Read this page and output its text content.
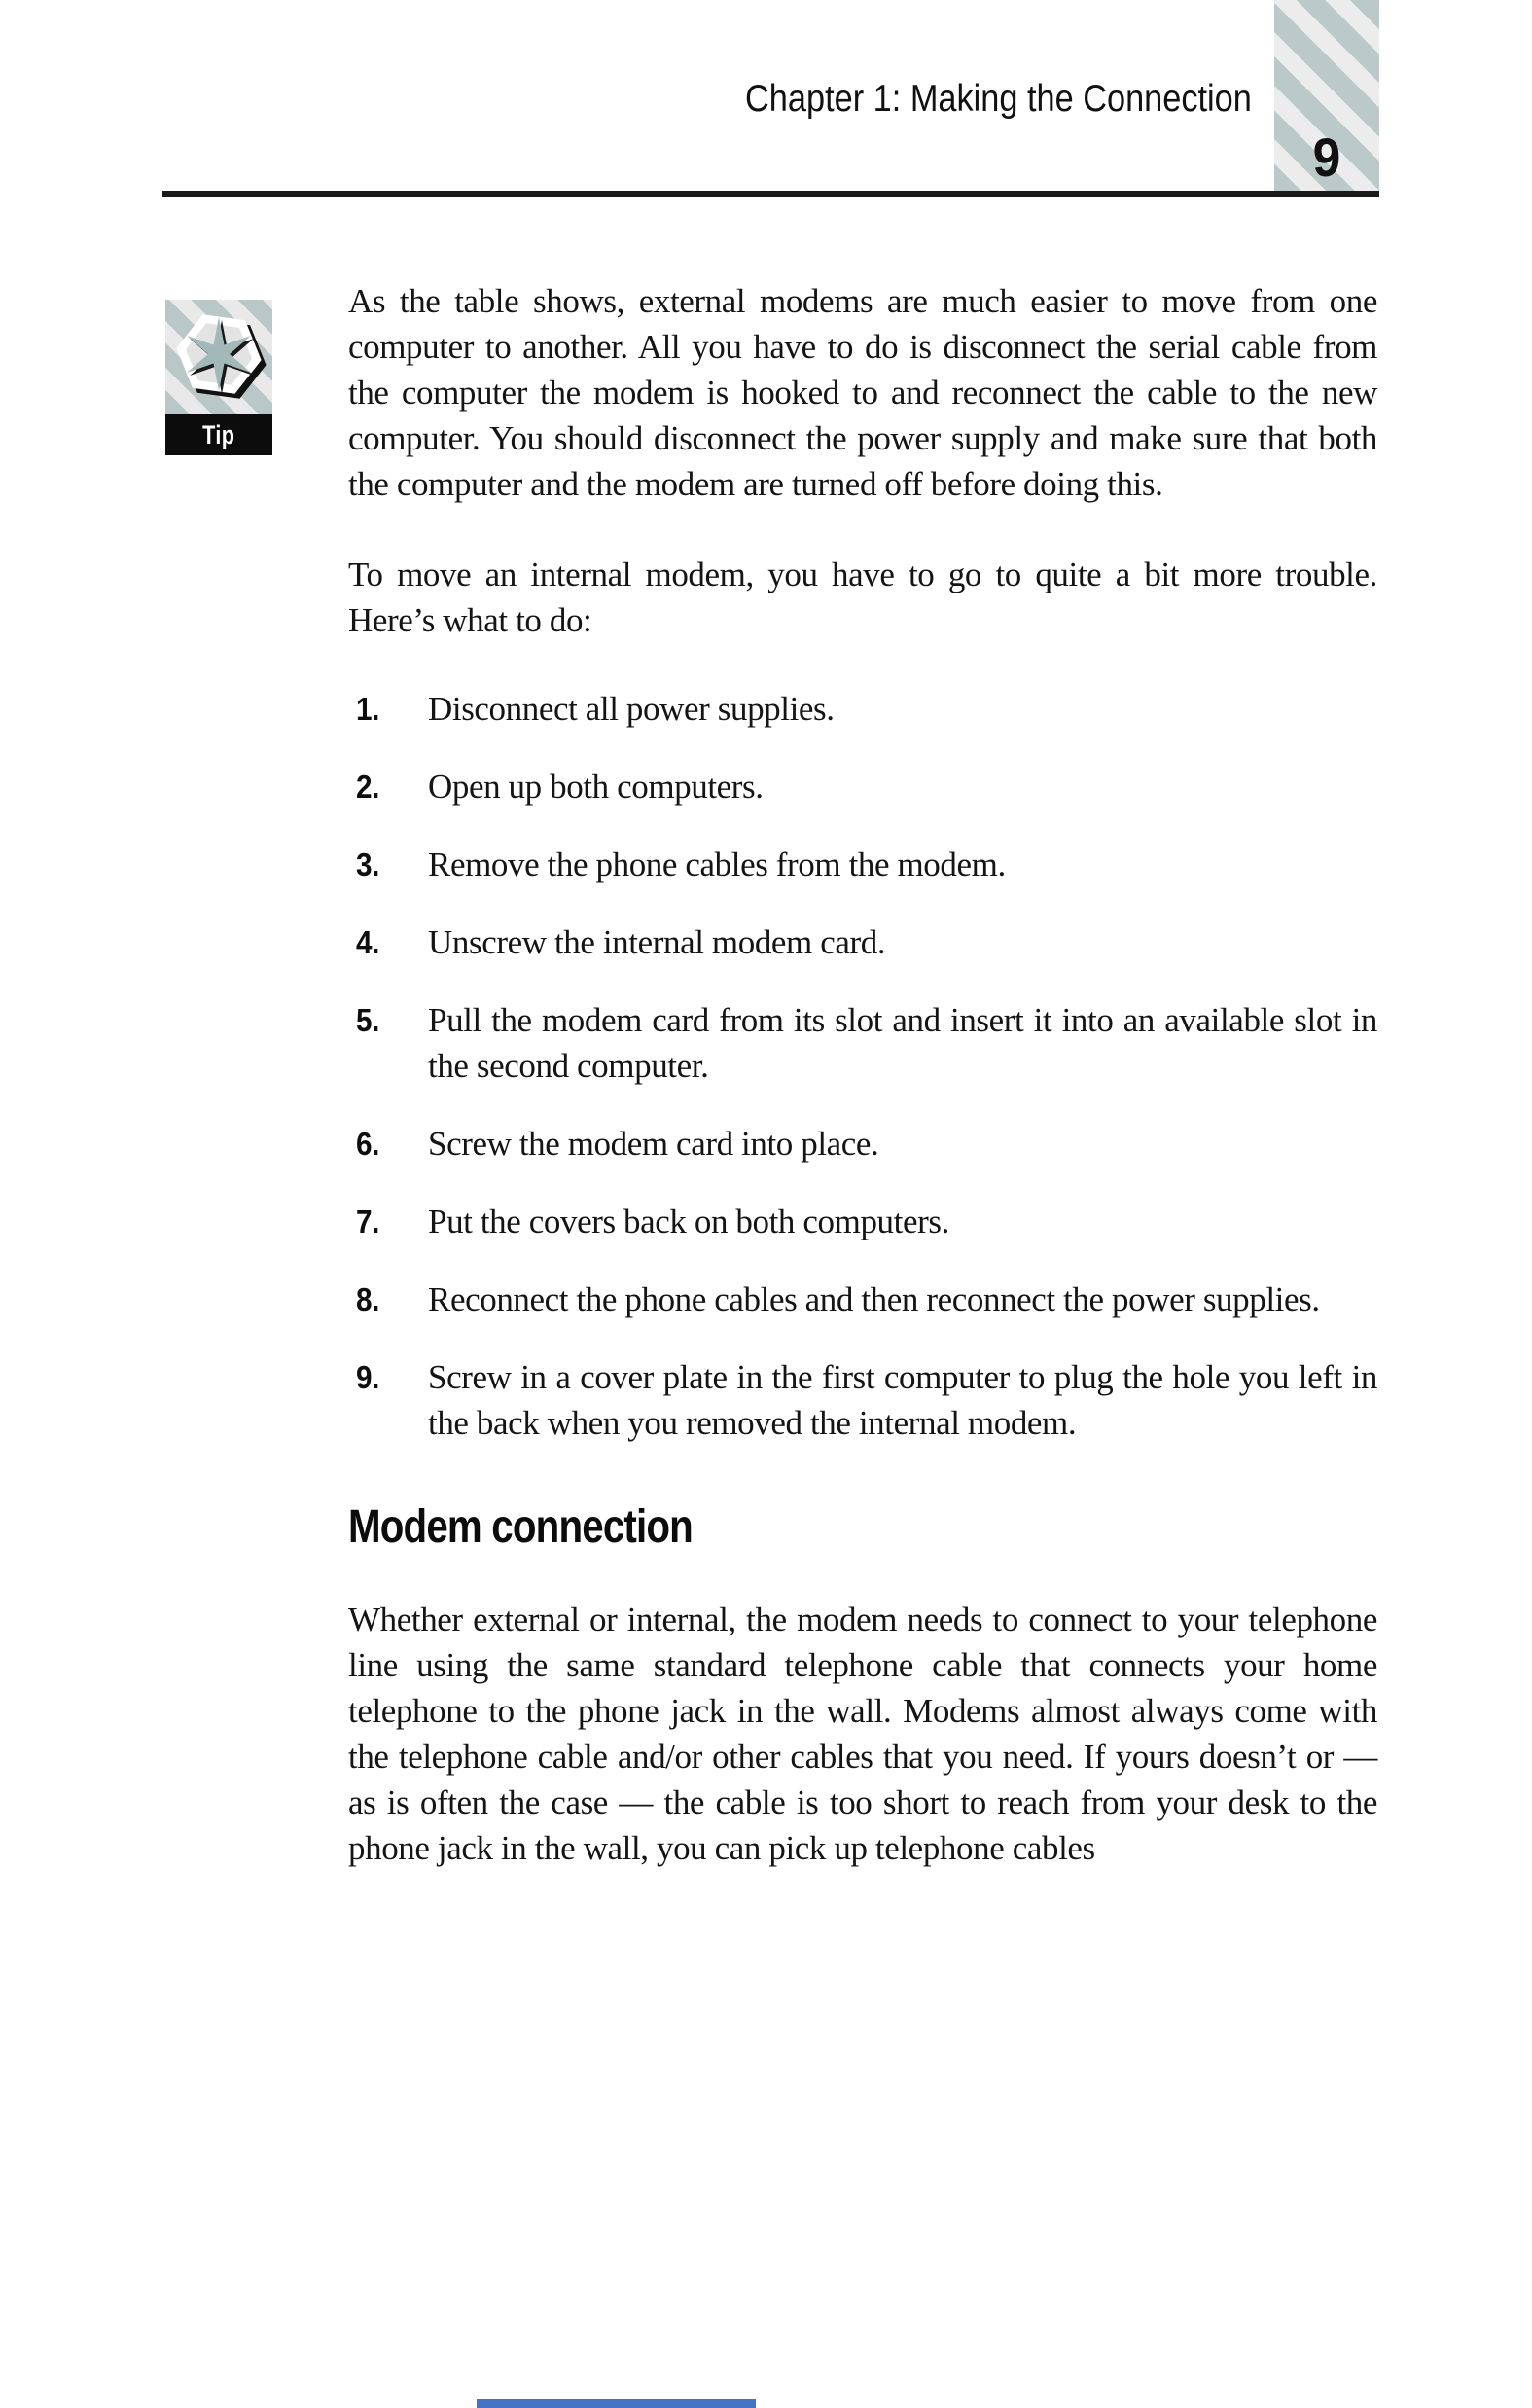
9
Chapter 1: Making the Connection
Tip

As the table shows, external modems are much easier to move from one computer to another. All you have to do is disconnect the serial cable from the computer the modem is hooked to and reconnect the cable to the new computer. You should disconnect the power supply and make sure that both the computer and the modem are turned off before doing this.

To move an internal modem, you have to go to quite a bit more trouble. Here’s what to do:

1. Disconnect all power supplies.
2. Open up both computers.
3. Remove the phone cables from the modem.
4. Unscrew the internal modem card.
5. Pull the modem card from its slot and insert it into an available slot in the second computer.
6. Screw the modem card into place.
7. Put the covers back on both computers.
8. Reconnect the phone cables and then reconnect the power supplies.
9. Screw in a cover plate in the first computer to plug the hole you left in the back when you removed the internal modem.
Modem connection

Whether external or internal, the modem needs to connect to your telephone line using the same standard telephone cable that connects your home telephone to the phone jack in the wall. Modems almost always come with the telephone cable and/or other cables that you need. If yours doesn’t or — as is often the case — the cable is too short to reach from your desk to the phone jack in the wall, you can pick up telephone cables
